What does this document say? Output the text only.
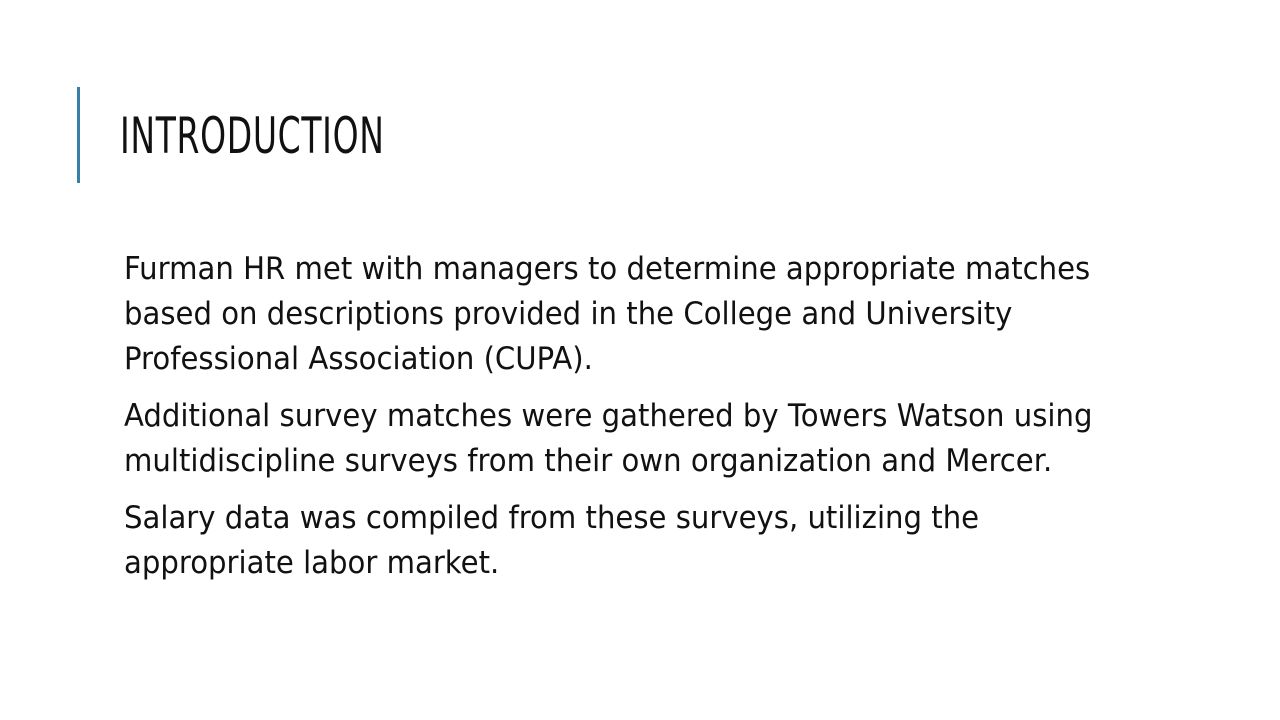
INTRODUCTION

Furman HR met with managers to determine appropriate matches based on descriptions provided in the College and University Professional Association (CUPA).

Additional survey matches were gathered by Towers Watson using multidiscipline surveys from their own organization and Mercer.

Salary data was compiled from these surveys, utilizing the appropriate labor market.
